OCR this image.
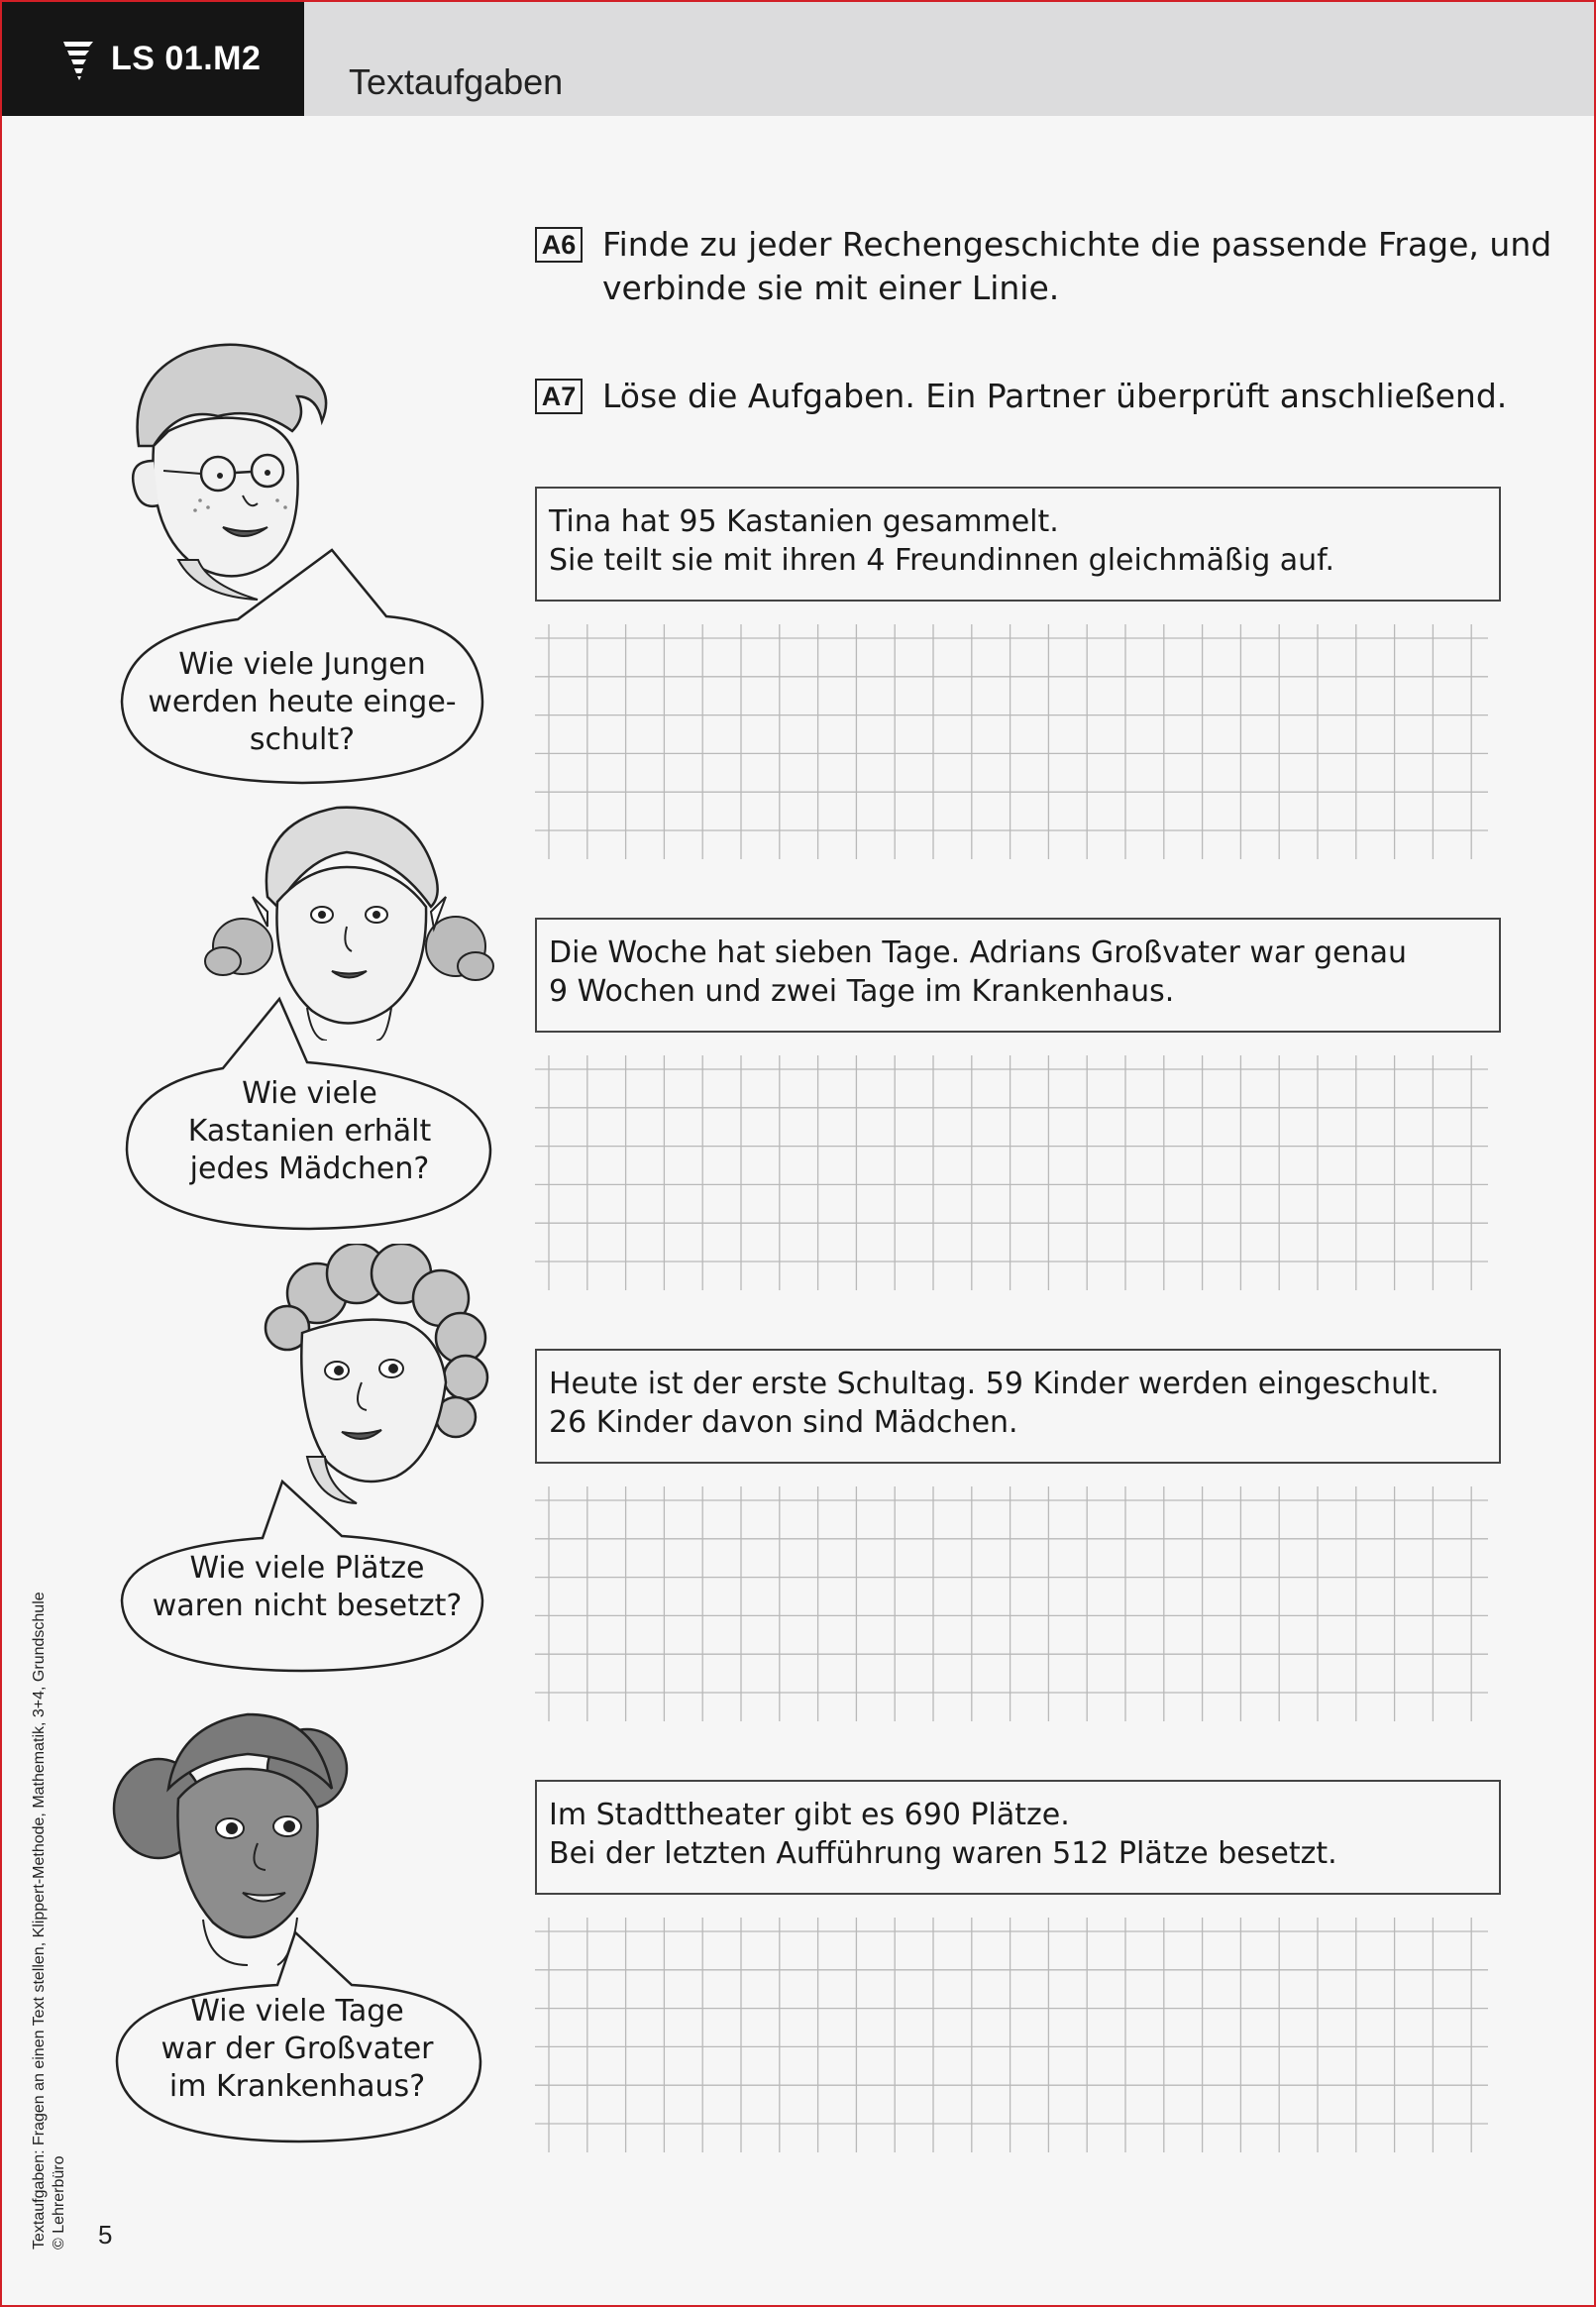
LS 01.M2
Textaufgaben
A6 Finde zu jeder Rechengeschichte die passende Frage, und verbinde sie mit einer Linie.
A7 Löse die Aufgaben. Ein Partner überprüft anschließend.
Tina hat 95 Kastanien gesammelt.
Sie teilt sie mit ihren 4 Freundinnen gleichmäßig auf.
Die Woche hat sieben Tage. Adrians Großvater war genau
9 Wochen und zwei Tage im Krankenhaus.
Heute ist der erste Schultag. 59 Kinder werden eingeschult.
26 Kinder davon sind Mädchen.
Im Stadttheater gibt es 690 Plätze.
Bei der letzten Aufführung waren 512 Plätze besetzt.
Wie viele Jungen
werden heute einge-
schult?
Wie viele
Kastanien erhält
jedes Mädchen?
Wie viele Plätze
waren nicht besetzt?
Wie viele Tage
war der Großvater
im Krankenhaus?
Textaufgaben: Fragen an einen Text stellen, Klippert-Methode, Mathematik, 3+4, Grundschule © Lehrerbüro 5
